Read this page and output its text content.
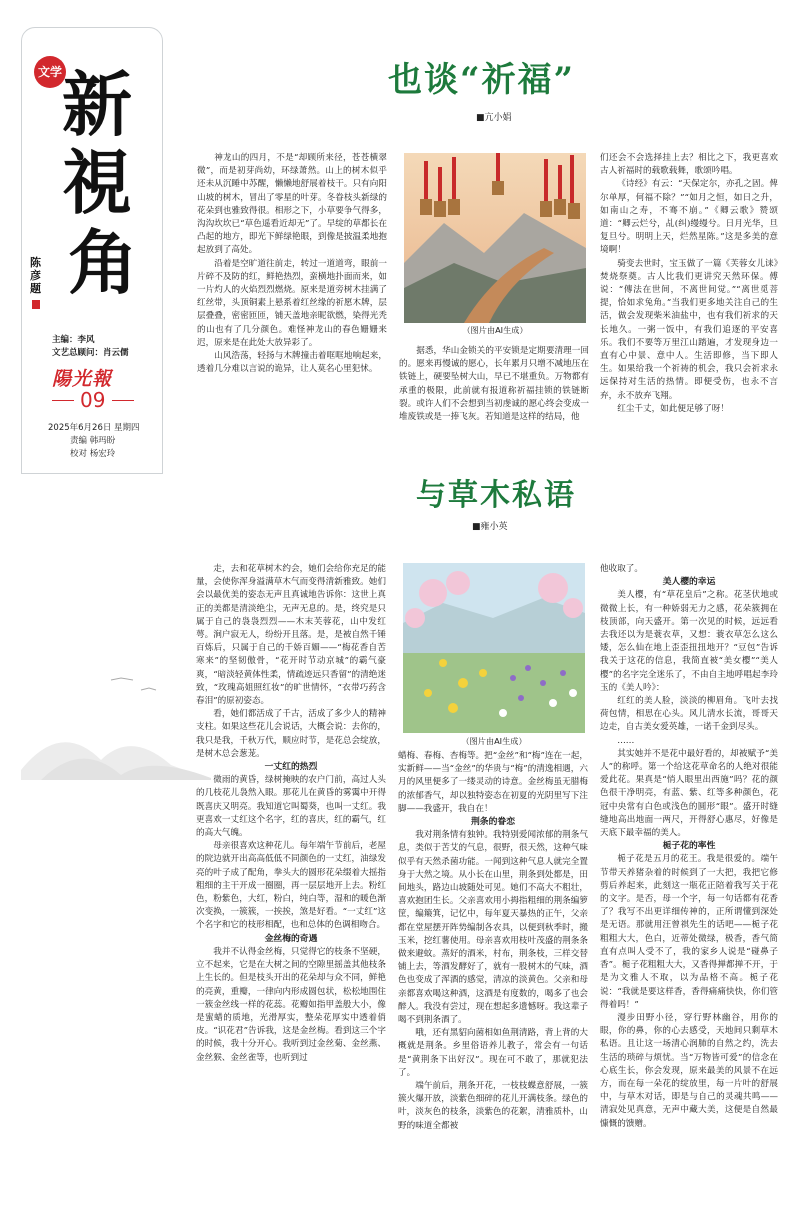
文学 新
視
角
陈彦题
主编：李风
文艺总顾问：肖云儒
陽光報
09
2025年6月26日 星期四
责编 韩玛盼
校对 杨宏玲
也谈“祈福”
■亢小娟

神龙山的四月，不是“却顾所来径，苍苍横翠微”，而是初芽尚幼，环绿萧然。山上的树木似乎还未从沉睡中苏醒，懒懒地舒展着枝干。只有向阳山坡的树木，冒出了零星的叶芽。冬眷枝头新绿的花朵到也雅致得很。相形之下，小草要争气得多，沟沟坎坎已“草色遥看近却无”了。早绽的草都长在凸起的地方，即光下鲜绿艳眼，到像是披温柔地抱起放到了高处。

沿着是空旷道往前走，转过一道道弯，眼前一片碎不及防的红，鲜艳热烈，蛮横地扑面而来，如一片灼人的火焰烈烈燃烧。原来是道旁树木挂满了红丝带，头顶铜素上悬系着红丝缘的祈愿木牌，层层叠叠，密密匝匝，铺天盖地亲昵欲燃，染得光秃的山也有了几分颜色。难怪神龙山的春色姗姗来迟，原来是在此处大放异彩了。

山风浩荡，轻扬与木牌撞击着哐哐地响起来，透着几分难以言说的诡异，让人莫名心里犯怵。

（图片由AI生成）

据悉，华山金锁关的平安锁是定期要清理一回的。愿来再慢诚的愿心，长年累月只增不减地压在铁链上，硬要坠树大山，早已不堪重负。万物都有承重的极限，此前就有报道称祈福挂锁的铁链断裂。或许人们不会想到当初虔诚的愿心终会变成一堆废铁或是一捧飞灰。若知道是这样的结局，他

们还会不会选择挂上去？相比之下，我更喜欢古人祈福时的载歌载舞，歌颂吟唱。

《诗经》有云：“天保定尔，亦孔之固。俾尔单厚，何福不除？”“如月之恒，如日之升，如南山之寿，不骞不崩。”《卿云歌》赞颂道：“卿云烂兮，乩(纠)缦缦兮。日月光华，旦复旦兮。明明上天，烂然星陈。”这是多美的意境啊！

骑变去世时，宝玉做了一篇《芙蓉女儿诔》焚烧祭奠。古人比我们更讲究天然环保。傅说：“傳法在世间，不离世间觉。”“离世觅菩提，恰如求兔角。”当我们更多地关注自己的生活，做会发现柴米油盐中，也有我们祈求的天长地久。一粥一饭中，有我们追逐的平安喜乐。我们不要等万里江山踏遍，才发现身边一直有心中景、意中人。生活即修，当下即人生。如果给我一个祈祷的机会，我只会祈求永远保持对生活的热情。即便受伤，也永不言弃，永不放弃飞翔。

红尘千丈，如此便足够了呀！

与草木私语
■雍小英

走，去和花草树木约会，她们会给你充足的能量，会使你浑身溢满草木气而变得清新雅致。她们会以最优美的姿态无声且真诚地告诉你：这世上真正的美都是清淡绝尘，无声无息的。是，终究是只属于自己的袅袅烈烈——木末芙蓉花，山中发红萼。涧户寂无人，纷纷开且落。是，是被自然千锤百炼后，只属于自己的千娇百媚——“梅花香自苦寒来”的坚韧傲骨，“花开时节动京城”的霸气豪爽，“暗淡轻黄体性柔，情疏迹远只香留”的清绝迷致，“玫瑰高姐照红妆”的旷世情怀，“衣带巧药含春泪”的原初姿态。

看，她们都活成了千古，活成了多少人的精神支柱。如果这些花儿会说话，大概会说：去你的，我只是我，千秋万代，顺应时节，是花总会绽放，是树木总会葱茏。

一丈红的热烈

微雨的黄昏，绿树掩映的农户门前，高过人头的几枝花儿袅然入眼。那花儿在黄昏的雾霭中开得既喜庆又明亮。我知道它叫蜀葵，也叫一丈红。我更喜欢一丈红这个名字，红的喜庆，红的霸气，红的高大气魄。

母亲很喜欢这种花儿。每年端午节前后，老屋的院边就开出高高低低不同颜色的一丈红，油绿发亮的叶子成了配角，拳头大的圆形花朵缀着大摇指粗细的主干开成一圈圈，再一层层地开上去。粉红色，粉紫色，大红，粉白，纯白等，湿和的暖色渐次变换，一簇簇，一挨挨，煞是好看。“一丈红”这个名字和它的枝形相配，也和总体的色调相吻合。

金丝梅的奇遇

我并不认得金丝梅，只觉得它的枝条不坚硬，立不起来，它是在大树之间的空隙里摇盖其他枝条上生长的。但是枝头开出的花朵却与众不同，鲜艳的亮黄，重瓣，一律向内形成圆包状，松松地围住一簇金丝线一样的花蕊。花瓣如指甲盖般大小，像是蜜蜡的质地，光滑厚实，整朵花厚实中透着俏皮。“识花君”告诉我，这是金丝梅。看到这三个字的时候，我十分开心。我听到过金丝菊、金丝燕、金丝猴、金丝雀等，也听到过

（图片由AI生成）

蜡梅、春梅、杏梅等。把“金丝”和“梅”连在一起，实新鲜——当“金丝”的华贵与“梅”的清逸相遇，六月的风里便多了一缕灵动的诗意。金丝梅虽无腊梅的浓郁香气，却以独特姿态在初夏的光阴里写下注脚——我盛开，我自在！

荆条的眷恋

我对荆条情有独钟。我特别爱闻浓郁的荆条气息，类似于苦艾的气息，很野，很天然，这种气味似乎有天然杀菌功能。一闻到这种气息人就完全置身于大然之境。从小长在山里，荆条到处都是，田间地头，路边山坡随处可见。她们不高大不粗壮，喜欢抱团生长。父亲喜欢用小拇指粗细的荆条编箩筐，编簸箕，记忆中，每年夏天暴热的正午，父亲都在堂屋摆开阵势编制各农具，以便到秋季时，搬玉米，挖红薯使用。母亲喜欢用枝叶茂盛的荆条条做来避蚊。蒸好的酒米，村布，荆条枝，三样交替铺上去，等酒发酵好了，就有一股树木的气味，酒色也变成了浑酒的感觉，清凉的淡黄色。父亲和母亲都喜欢喝这种酒，这酒是有度数的，喝多了也会醉人。我没有尝过，现在想起多遗憾呀。我这辈子喝不到荆条酒了。

哦，还有黑貂向菌相如鱼荆清路，背上背的大概就是荆条。乡里俗语养儿教子，常会有一句话是“黄荆条下出好汉”。现在可不敢了，那就犯法了。

端午前后，荆条开花，一枝枝蝶意舒展，一簇簇火爆开放，淡紫色细碎的花儿开满枝条。绿色的叶，淡灰色的枝条，淡紫色的花絮，清雅质朴，山野的味道全都被

他收取了。

美人樱的幸运

美人樱，有“草花皇后”之称。花茎伏地或微微上长，有一种娇弱无力之感，花朵簇拥在枝顶部，向天盛开。第一次见的时候，远远看去我还以为是蓑衣草，又想：蓑衣草怎么这么矮，怎么仙在地上歪歪扭扭地开？“豆包”告诉我关于这花的信息，我简直被“美女樱”“美人樱”的名字完全迷乐了，不由自主地呼唱起李玲玉的《美人吟》：

红红的美人脸，淡淡的柳眉角。飞叶去找荷包情，相思在心头。风儿清水长流，哥哥天边走，自古美女爱英雄，一诺千金到尽头。

……

其实她并不是花中最好看的，却被赋予“美人”的称呼。第一个给这花草命名的人绝对很能爱此花。果真是“悄人眼里出西施”吗？花的颜色很干净明亮，有蓝、紫、红等多种颜色，花冠中央常有白色或浅色的圆形“眼”。盛开时缝缝地高出地面一两尺，开得舒心惠尽，好像是天底下最幸福的美人。

栀子花的率性

栀子花是五月的花王。我是很爱的。端午节带天养猪杂着的时候到了一大把，我把它修剪后养起来，此刻这一瓶花正陪着我写关于花的文字。是否，母一个字，每一句话都有花香了？我写不出更详细传神的，正所谓懂到深处是无语。那就用汪曾祺先生的话吧——栀子花粗粗大大，色白，近蒂处微绿，极香，香气简直有点叫人受不了，我的家乡人说是“碰鼻子香”。栀子花粗粗大大，又香得掸都掸不开，于是为文雅人不取，以为品格不高。栀子花说：“我就是要这样香，香得痛痛快快，你们管得着吗！”

漫步田野小径，穿行野林幽谷，用你的眼，你的鼻，你的心去感受，天地间只剩草木私语。且让这一场清心润肺的自然之约，洗去生活的琐碎与烦忧。当“万物皆可爱”的信念在心底生长，你会发现，原来最美的风景不在远方，而在每一朵花的绽放里，每一片叶的舒展中，与草木对话，即是与自己的灵魂共鸣——清寂处见真意，无声中藏大美，这便是自然最慷慨的馈赠。
